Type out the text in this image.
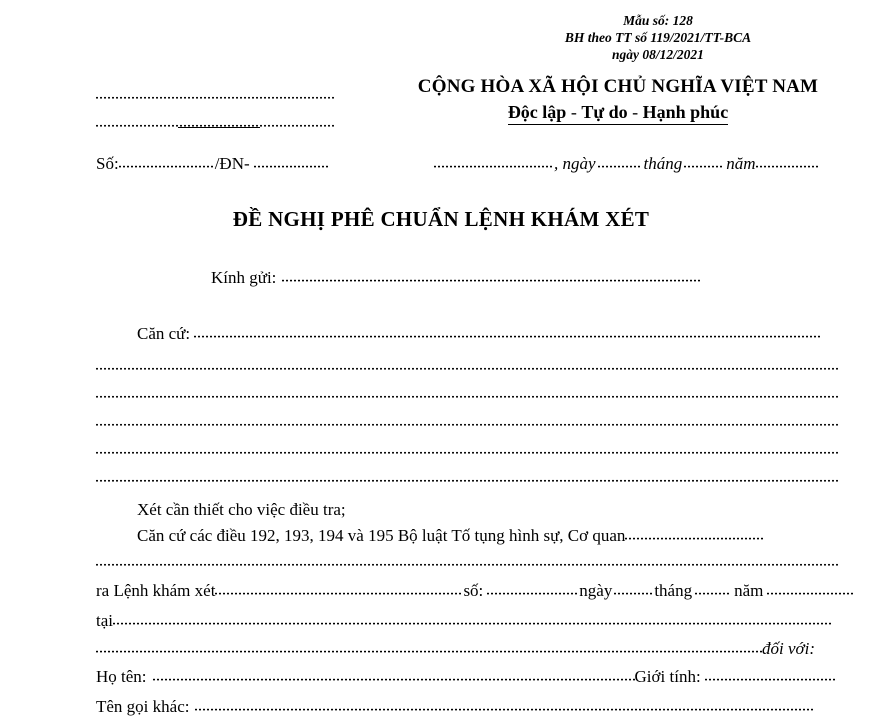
Mẫu số: 128
BH theo TT số 119/2021/TT-BCA
ngày 08/12/2021
CỘNG HÒA XÃ HỘI CHỦ NGHĨA VIỆT NAM
Độc lập - Tự do - Hạnh phúc
Số:	/ĐN-	, ngày	tháng	năm
ĐỀ NGHỊ PHÊ CHUẨN LỆNH KHÁM XÉT
Kính gửi:
Căn cứ:
Xét cần thiết cho việc điều tra;
Căn cứ các điều 192, 193, 194 và 195 Bộ luật Tố tụng hình sự, Cơ quan
ra Lệnh khám xét	số:	ngày tháng năm
tại
đối với:
Họ tên:	Giới tính:
Tên gọi khác:
